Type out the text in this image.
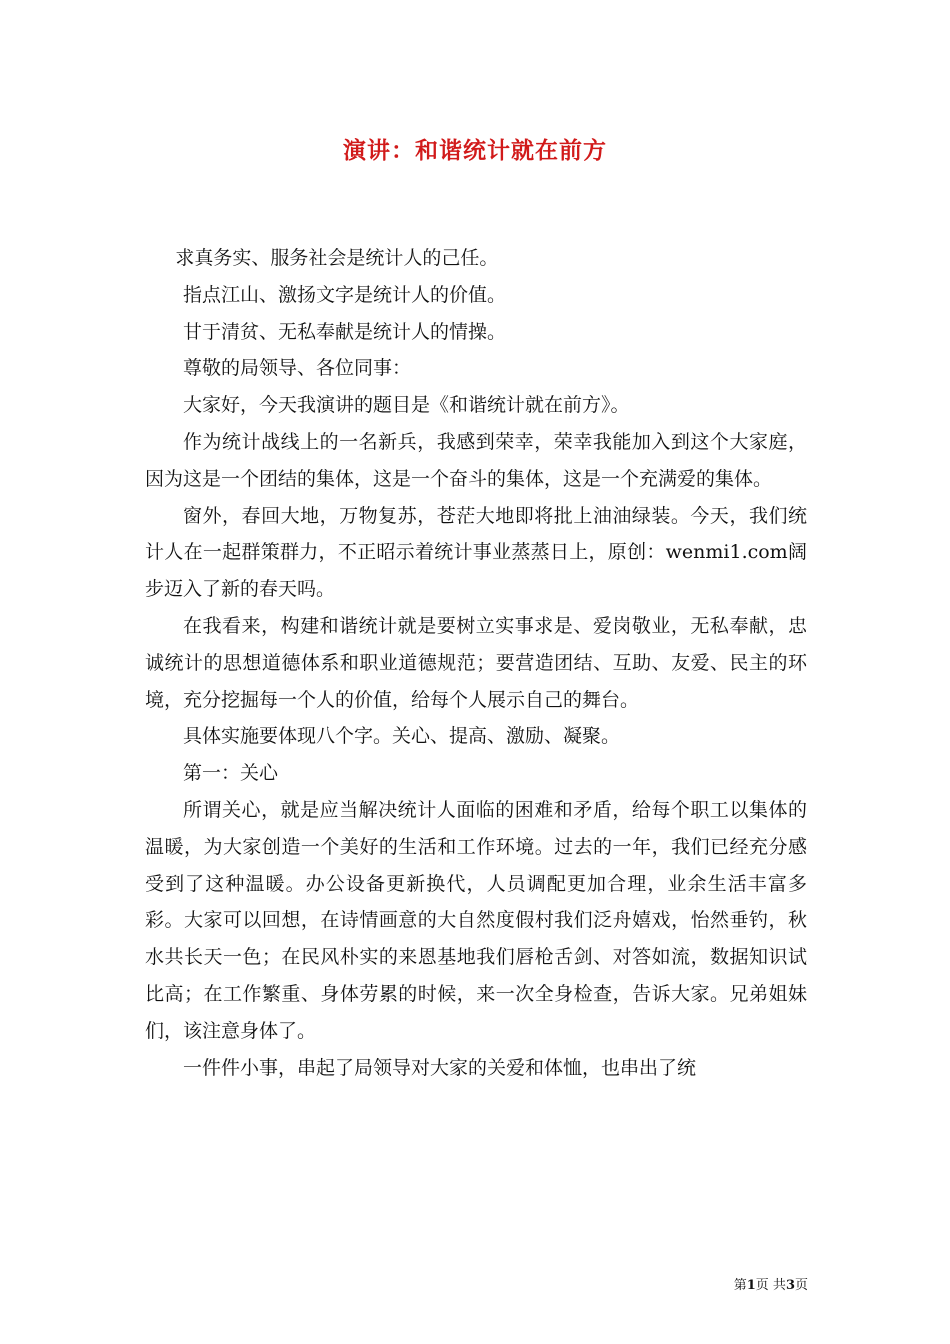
演讲：和谐统计就在前方

求真务实、服务社会是统计人的己任。

指点江山、激扬文字是统计人的价值。

甘于清贫、无私奉献是统计人的情操。

尊敬的局领导、各位同事：

大家好，今天我演讲的题目是《和谐统计就在前方》。

作为统计战线上的一名新兵，我感到荣幸，荣幸我能加入到这个大家庭，因为这是一个团结的集体，这是一个奋斗的集体，这是一个充满爱的集体。

窗外，春回大地，万物复苏，苍茫大地即将批上油油绿装。今天，我们统计人在一起群策群力，不正昭示着统计事业蒸蒸日上，原创：wenmi1.com阔步迈入了新的春天吗。

在我看来，构建和谐统计就是要树立实事求是、爱岗敬业，无私奉献，忠诚统计的思想道德体系和职业道德规范；要营造团结、互助、友爱、民主的环境，充分挖掘每一个人的价值，给每个人展示自己的舞台。

具体实施要体现八个字。关心、提高、激励、凝聚。

第一：关心

所谓关心，就是应当解决统计人面临的困难和矛盾，给每个职工以集体的温暖，为大家创造一个美好的生活和工作环境。过去的一年，我们已经充分感受到了这种温暖。办公设备更新换代，人员调配更加合理，业余生活丰富多彩。大家可以回想，在诗情画意的大自然度假村我们泛舟嬉戏，怡然垂钓，秋水共长天一色；在民风朴实的来恩基地我们唇枪舌剑、对答如流，数据知识试比高；在工作繁重、身体劳累的时候，来一次全身检查，告诉大家。兄弟姐妹们，该注意身体了。

一件件小事，串起了局领导对大家的关爱和体恤，也串出了统

第1页 共3页
